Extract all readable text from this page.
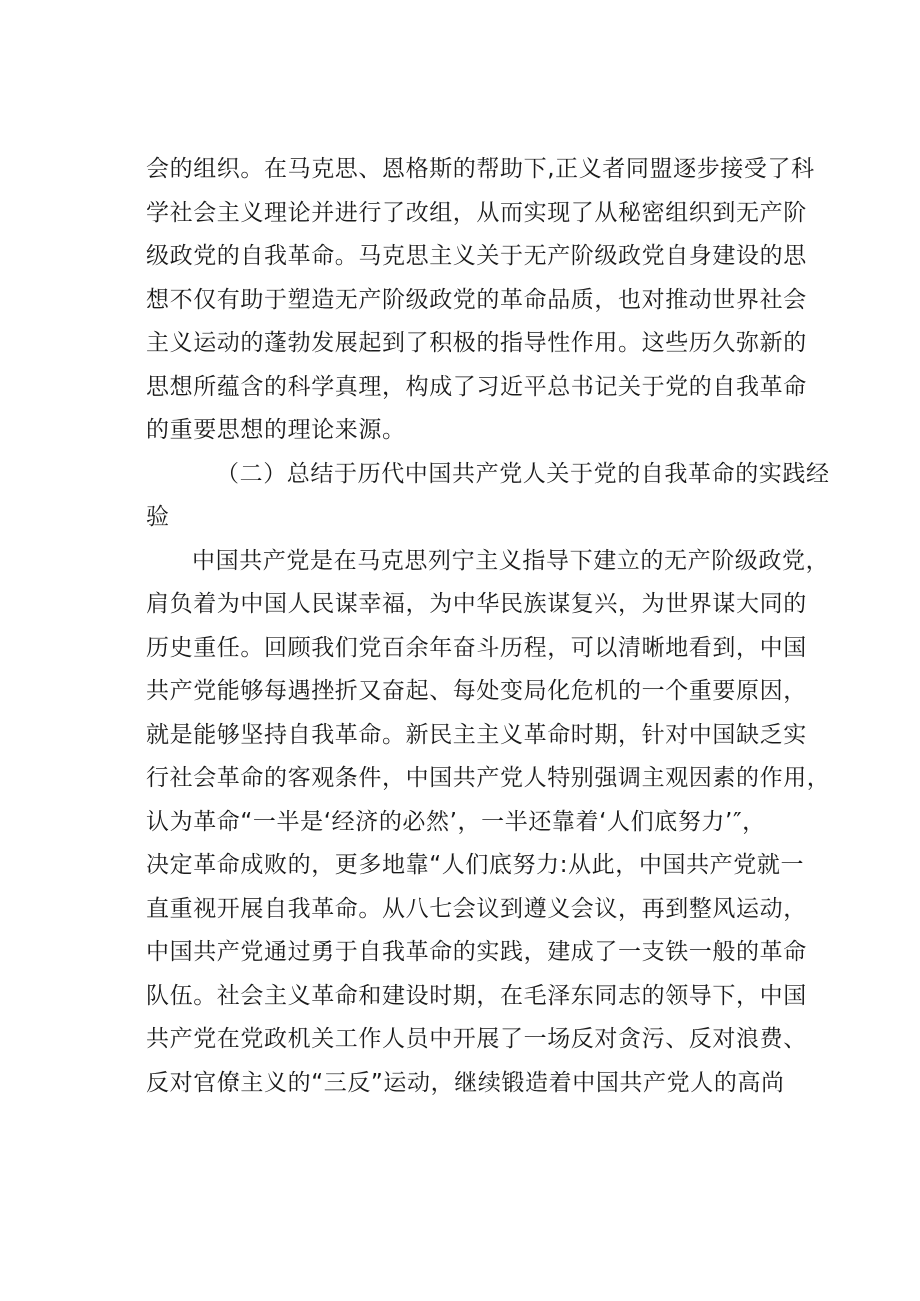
会的组织。在马克思、恩格斯的帮助下,正义者同盟逐步接受了科
学社会主义理论并进行了改组，从而实现了从秘密组织到无产阶
级政党的自我革命。马克思主义关于无产阶级政党自身建设的思
想不仅有助于塑造无产阶级政党的革命品质，也对推动世界社会
主义运动的蓬勃发展起到了积极的指导性作用。这些历久弥新的
思想所蕴含的科学真理，构成了习近平总书记关于党的自我革命
的重要思想的理论来源。
（二）总结于历代中国共产党人关于党的自我革命的实践经
验
中国共产党是在马克思列宁主义指导下建立的无产阶级政党，
肩负着为中国人民谋幸福，为中华民族谋复兴，为世界谋大同的
历史重任。回顾我们党百余年奋斗历程，可以清晰地看到，中国
共产党能够每遇挫折又奋起、每处变局化危机的一个重要原因，
就是能够坚持自我革命。新民主主义革命时期，针对中国缺乏实
行社会革命的客观条件，中国共产党人特别强调主观因素的作用，
认为革命“一半是‘经济的必然’，一半还靠着‘人们底努力’″，
决定革命成败的，更多地靠“人们底努力:从此，中国共产党就一
直重视开展自我革命。从八七会议到遵义会议，再到整风运动，
中国共产党通过勇于自我革命的实践，建成了一支铁一般的革命
队伍。社会主义革命和建设时期，在毛泽东同志的领导下，中国
共产党在党政机关工作人员中开展了一场反对贪污、反对浪费、
反对官僚主义的“三反”运动，继续锻造着中国共产党人的高尚
